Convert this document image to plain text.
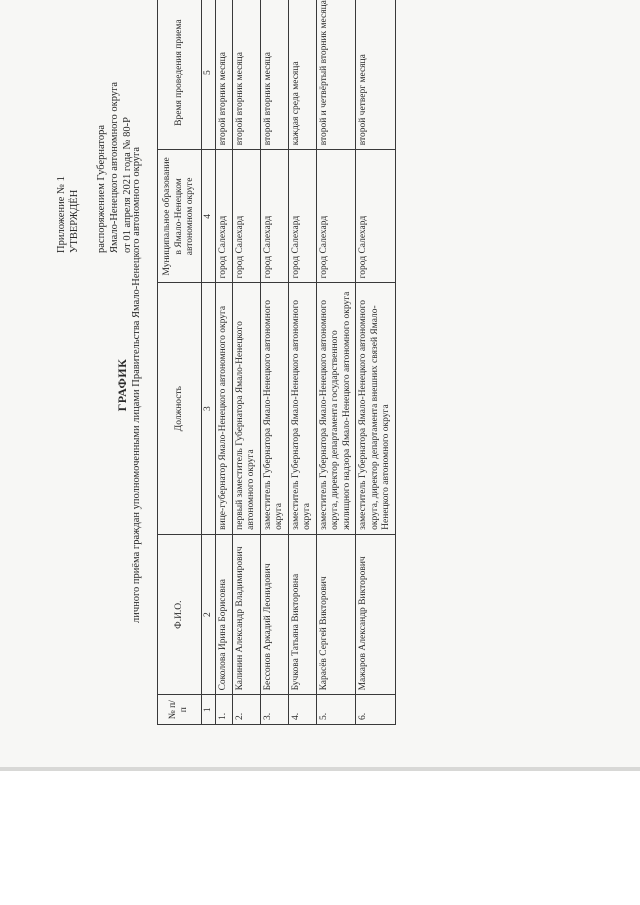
Приложение № 1 УТВЕРЖДЁН распоряжением Губернатора Ямало-Ненецкого автономного округа от 01 апреля 2021 года № 80-Р
ГРАФИК личного приёма граждан уполномоченными лицами Правительства Ямало-Ненецкого автономного округа
№ п/п	Ф.И.О.	Должность	Муниципальное образование в Ямало-Ненецком автономном округе	Время проведения приема
1	2	3	4	5
1.	Соколова Ирина Борисовна	вице-губернатор Ямало-Ненецкого автономного округа	город Салехард	второй вторник месяца
2.	Калинин Александр Владимирович	первый заместитель Губернатора Ямало-Ненецкого автономного округа	город Салехард	второй вторник месяца
3.	Бессонов Аркадий Леонидович	заместитель Губернатора Ямало-Ненецкого автономного округа	город Салехард	второй вторник месяца
4.	Бучкова Татьяна Викторовна	заместитель Губернатора Ямало-Ненецкого автономного округа	город Салехард	каждая среда месяца
5.	Карасёв Сергей Викторович	заместитель Губернатора Ямало-Ненецкого автономного округа, директор департамента государственного жилищного надзора Ямало-Ненецкого автономного округа	город Салехард	второй и четвёртый вторник месяца
6.	Мажаров Александр Викторович	заместитель Губернатора Ямало-Ненецкого автономного округа, директор департамента внешних связей Ямало-Ненецкого автономного округа	город Салехард	второй четверг месяца
